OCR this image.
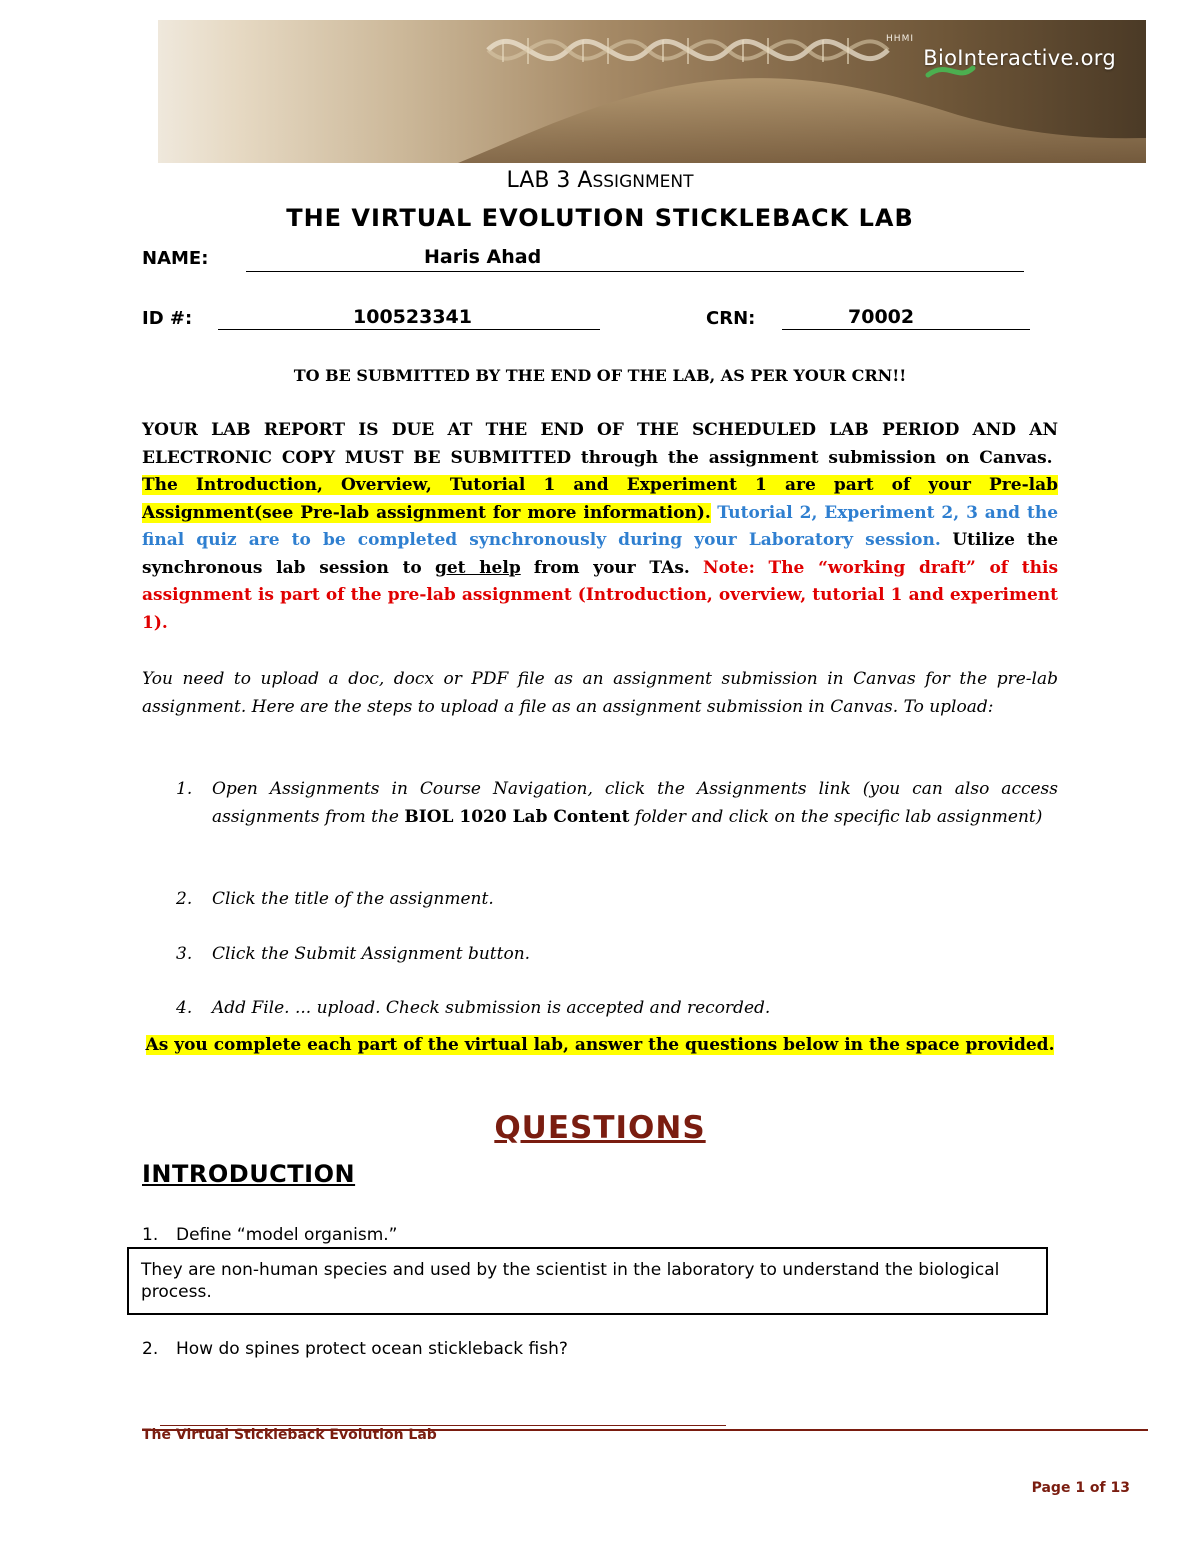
HHMI
BioInteractive.org
LAB 3 ASSIGNMENT
THE VIRTUAL EVOLUTION STICKLEBACK LAB
NAME:	Haris Ahad
ID #:	100523341	CRN:	70002
TO BE SUBMITTED BY THE END OF THE LAB, AS PER YOUR CRN!!
YOUR LAB REPORT IS DUE AT THE END OF THE SCHEDULED LAB PERIOD AND AN ELECTRONIC COPY MUST BE SUBMITTED through the assignment submission on Canvas.  The Introduction, Overview, Tutorial 1 and Experiment 1 are part of your Pre-lab Assignment(see Pre-lab assignment for more information). Tutorial 2, Experiment 2, 3 and the final quiz are to be completed synchronously during your Laboratory session. Utilize the synchronous lab session to get help from your TAs. Note: The “working draft” of this assignment is part of the pre-lab assignment (Introduction, overview, tutorial 1 and experiment 1).
You need to upload a doc, docx or PDF file as an assignment submission in Canvas for the pre-lab assignment. Here are the steps to upload a file as an assignment submission in Canvas. To upload:
1.	Open Assignments in Course Navigation, click the Assignments link (you can also access assignments from the BIOL 1020 Lab Content folder and click on the specific lab assignment)
2.	Click the title of the assignment.
3.	Click the Submit Assignment button.
4.	Add File. ... upload. Check submission is accepted and recorded.
As you complete each part of the virtual lab, answer the questions below in the space provided.
QUESTIONS
INTRODUCTION
1. Define “model organism.”
They are non-human species and used by the scientist in the laboratory to understand the biological process.
2. How do spines protect ocean stickleback fish?
The Virtual Stickleback Evolution Lab
Page 1 of 13
